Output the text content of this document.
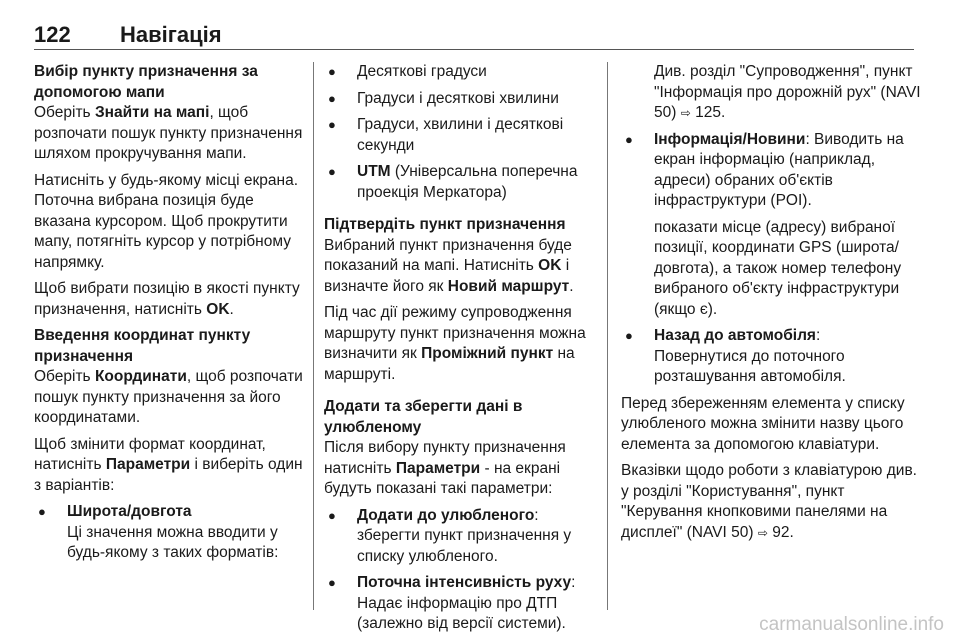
122 Навігація
Вибір пункту призначення за допомогою мапи

Оберіть Знайти на мапі, щоб розпочати пошук пункту призначення шляхом прокручування мапи.

Натисніть у будь-якому місці екрана. Поточна вибрана позиція буде вказана курсором. Щоб прокрутити мапу, потягніть курсор у потрібному напрямку.

Щоб вибрати позицію в якості пункту призначення, натисніть OK.

Введення координат пункту призначення

Оберіть Координати, щоб розпочати пошук пункту призначення за його координатами.

Щоб змінити формат координат, натисніть Параметри і виберіть один з варіантів:

● Широта/довгота
Ці значення можна вводити у будь-якому з таких форматів:
● Десяткові градуси
● Градуси і десяткові хвилини
● Градуси, хвилини і десяткові секунди
● UTM (Універсальна поперечна проекція Меркатора)
Підтвердіть пункт призначення

Вибраний пункт призначення буде показаний на мапі. Натисніть OK і визначте його як Новий маршрут.

Під час дії режиму супроводження маршруту пункт призначення можна визначити як Проміжний пункт на маршруті.

Додати та зберегти дані в улюбленому

Після вибору пункту призначення натисніть Параметри - на екрані будуть показані такі параметри:

● Додати до улюбленого:
зберегти пункт призначення у списку улюбленого.
● Поточна інтенсивність руху:
Надає інформацію про ДТП (залежно від версії системи).

Див. розділ "Супроводження", пункт "Інформація про дорожній рух" (NAVI 50) ⇨ 125.

● Інформація/Новини: Виводить на екран інформацію (наприклад, адреси) обраних об'єктів інфраструктури (POI).

показати місце (адресу) вибраної позиції, координати GPS (широта/довгота), а також номер телефону вибраного об'єкту інфраструктури (якщо є).

● Назад до автомобіля:
Повернутися до поточного розташування автомобіля.

Перед збереженням елемента у списку улюбленого можна змінити назву цього елемента за допомогою клавіатури.

Вказівки щодо роботи з клавіатурою див. у розділі "Користування", пункт "Керування кнопковими панелями на дисплеї" (NAVI 50) ⇨ 92.

carmanualsonline.info
